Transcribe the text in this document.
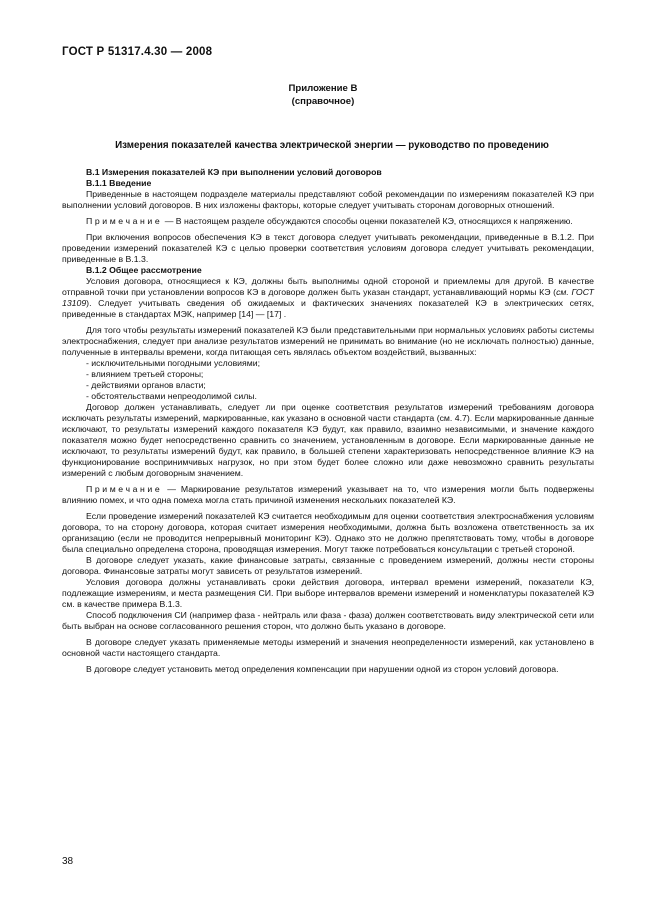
ГОСТ Р 51317.4.30 — 2008
Приложение В
(справочное)
Измерения показателей качества электрической энергии — руководство по проведению

В.1 Измерения показателей КЭ при выполнении условий договоров

В.1.1 Введение

Приведенные в настоящем подразделе материалы представляют собой рекомендации по измерениям показателей КЭ при выполнении условий договоров. В них изложены факторы, которые следует учитывать сторонам договорных отношений.

Примечание — В настоящем разделе обсуждаются способы оценки показателей КЭ, относящихся к напряжению.

При включения вопросов обеспечения КЭ в текст договора следует учитывать рекомендации, приведенные в В.1.2. При проведении измерений показателей КЭ с целью проверки соответствия условиям договора следует учитывать рекомендации, приведенные в В.1.3.

В.1.2 Общее рассмотрение

Условия договора, относящиеся к КЭ, должны быть выполнимы одной стороной и приемлемы для другой. В качестве отправной точки при установлении вопросов КЭ в договоре должен быть указан стандарт, устанавливающий нормы КЭ (см. ГОСТ 13109). Следует учитывать сведения об ожидаемых и фактических значениях показателей КЭ в электрических сетях, приведенные в стандартах МЭК, например [14] — [17] .

Для того чтобы результаты измерений показателей КЭ были представительными при нормальных условиях работы системы электроснабжения, следует при анализе результатов измерений не принимать во внимание (но не исключать полностью) данные, полученные в интервалы времени, когда питающая сеть являлась объектом воздействий, вызванных:

- исключительными погодными условиями;

- влиянием третьей стороны;

- действиями органов власти;

- обстоятельствами непреодолимой силы.

Договор должен устанавливать, следует ли при оценке соответствия результатов измерений требованиям договора исключать результаты измерений, маркированные, как указано в основной части стандарта (см. 4.7). Если маркированные данные исключают, то результаты измерений каждого показателя КЭ будут, как правило, взаимно независимыми, и значение каждого показателя можно будет непосредственно сравнить со значением, установленным в договоре. Если маркированные данные не исключают, то результаты измерений будут, как правило, в большей степени характеризовать непосредственное влияние КЭ на функционирование воспринимчивых нагрузок, но при этом будет более сложно или даже невозможно сравнить результаты измерений с любым договорным значением.

Примечание — Маркирование результатов измерений указывает на то, что измерения могли быть подвержены влиянию помех, и что одна помеха могла стать причиной изменения нескольких показателей КЭ.

Если проведение измерений показателей КЭ считается необходимым для оценки соответствия электроснабжения условиям договора, то на сторону договора, которая считает измерения необходимыми, должна быть возложена ответственность за их организацию (если не проводится непрерывный мониторинг КЭ). Однако это не должно препятствовать тому, чтобы в договоре была специально определена сторона, проводящая измерения. Могут также потребоваться консультации с третьей стороной.

В договоре следует указать, какие финансовые затраты, связанные с проведением измерений, должны нести стороны договора. Финансовые затраты могут зависеть от результатов измерений.

Условия договора должны устанавливать сроки действия договора, интервал времени измерений, показатели КЭ, подлежащие измерениям, и места размещения СИ. При выборе интервалов времени измерений и номенклатуры показателей КЭ см. в качестве примера В.1.3.

Способ подключения СИ (например фаза - нейтраль или фаза - фаза) должен соответствовать виду электрической сети или быть выбран на основе согласованного решения сторон, что должно быть указано в договоре.

В договоре следует указать применяемые методы измерений и значения неопределенности измерений, как установлено в основной части настоящего стандарта.

В договоре следует установить метод определения компенсации при нарушении одной из сторон условий договора.

38
